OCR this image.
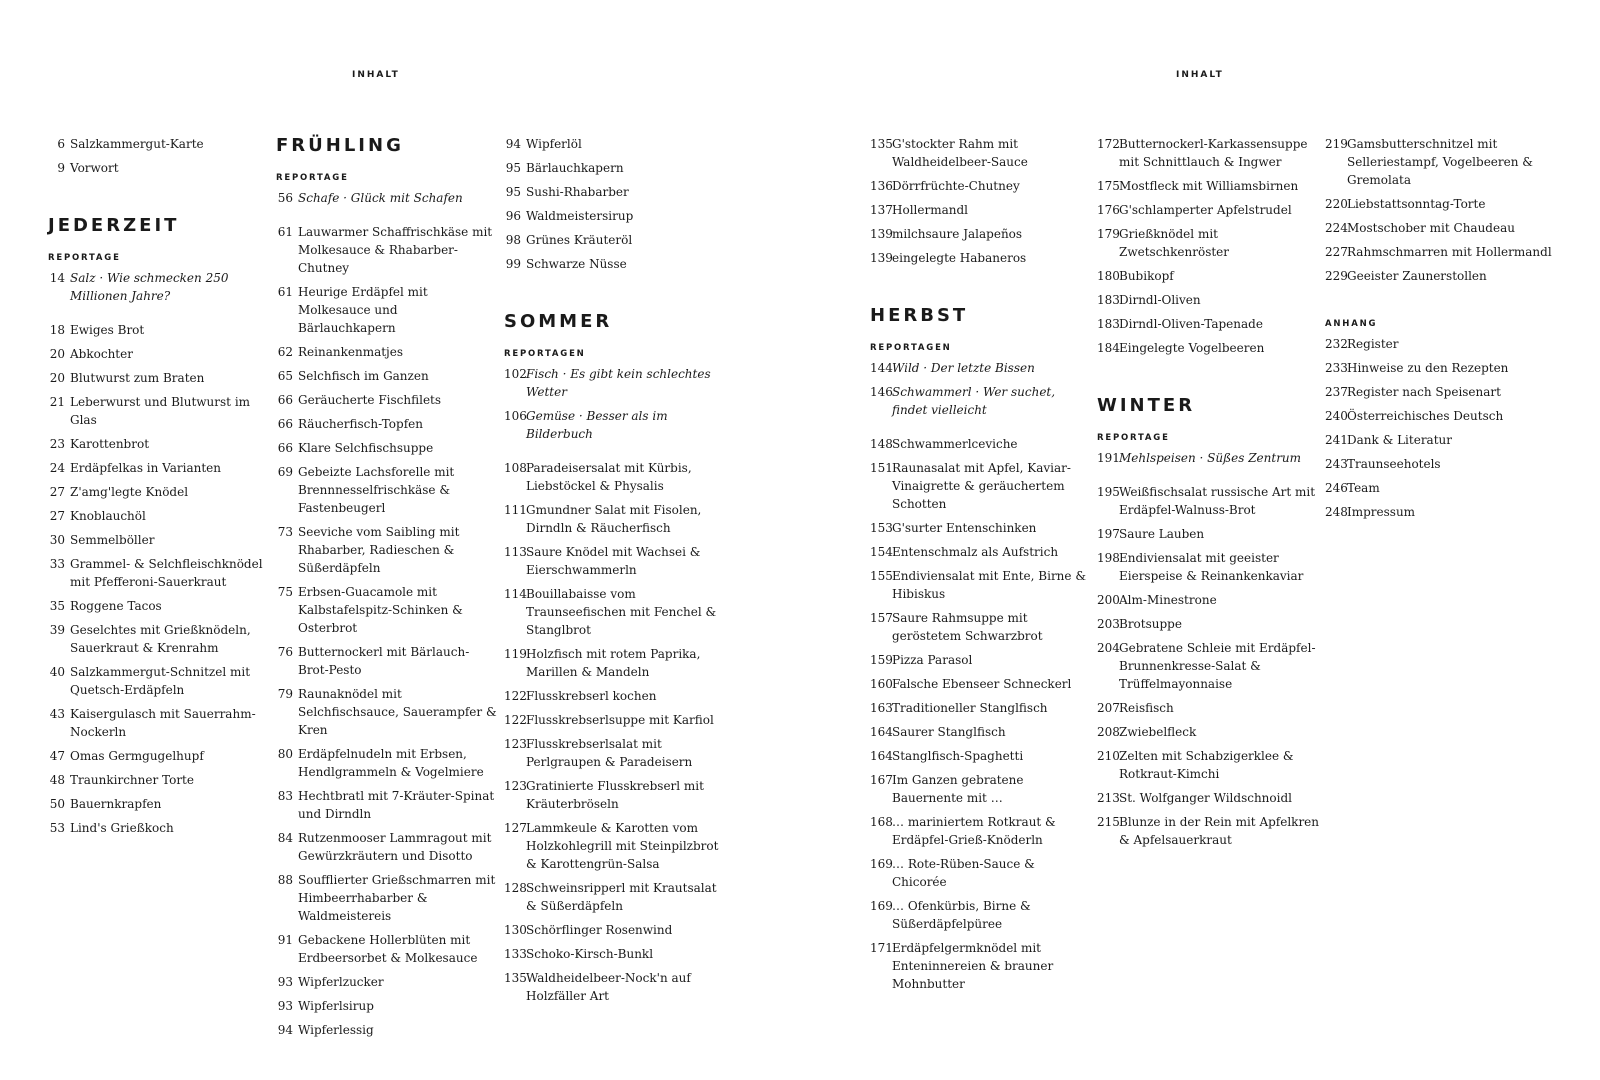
INHALT	INHALT
6 Salzkammergut-Karte
9 Vorwort
JEDERZEIT
REPORTAGE
14 Salz · Wie schmecken 250 Millionen Jahre?
18 Ewiges Brot
20 Abkochter
20 Blutwurst zum Braten
21 Leberwurst und Blutwurst im Glas
23 Karottenbrot
24 Erdäpfelkas in Varianten
27 Z'amg'legte Knödel
27 Knoblauchöl
30 Semmelböller
33 Grammel- & Selchfleischknödel mit Pfefferoni-Sauerkraut
35 Roggene Tacos
39 Geselchtes mit Grießknödeln, Sauerkraut & Krenrahm
40 Salzkammergut-Schnitzel mit Quetsch-Erdäpfeln
43 Kaisergulasch mit Sauerrahm-Nockerln
47 Omas Germgugelhupf
48 Traunkirchner Torte
50 Bauernkrapfen
53 Lind's Grießkoch
FRÜHLING
REPORTAGE
56 Schafe · Glück mit Schafen
61 Lauwarmer Schaffrischkäse mit Molkesauce & Rhabarber-Chutney
61 Heurige Erdäpfel mit Molkesauce und Bärlauchkapern
62 Reinankenmatjes
65 Selchfisch im Ganzen
66 Geräucherte Fischfilets
66 Räucherfisch-Topfen
66 Klare Selchfischsuppe
69 Gebeizte Lachsforelle mit Brennnesselfrischkäse & Fastenbeugerl
73 Seeviche vom Saibling mit Rhabarber, Radieschen & Süßerdäpfeln
75 Erbsen-Guacamole mit Kalbstafelspitz-Schinken & Osterbrot
76 Butternockerl mit Bärlauch-Brot-Pesto
79 Raunaknödel mit Selchfischsauce, Sauerampfer & Kren
80 Erdäpfelnudeln mit Erbsen, Hendlgrammeln & Vogelmiere
83 Hechtbratl mit 7-Kräuter-Spinat und Dirndln
84 Rutzenmooser Lammragout mit Gewürzkräutern und Disotto
88 Soufflierter Grießschmarren mit Himbeerrhabarber & Waldmeistereis
91 Gebackene Hollerblüten mit Erdbeersorbet & Molkesauce
93 Wipferlzucker
93 Wipferlsirup
94 Wipferlessig
94 Wipferlöl
95 Bärlauchkapern
95 Sushi-Rhabarber
96 Waldmeistersirup
98 Grünes Kräuteröl
99 Schwarze Nüsse
SOMMER
REPORTAGEN
102 Fisch · Es gibt kein schlechtes Wetter
106 Gemüse · Besser als im Bilderbuch
108 Paradeisersalat mit Kürbis, Liebstöckel & Physalis
111 Gmundner Salat mit Fisolen, Dirndln & Räucherfisch
113 Saure Knödel mit Wachsei & Eierschwammerln
114 Bouillabaisse vom Traunseefischen mit Fenchel & Stanglbrot
119 Holzfisch mit rotem Paprika, Marillen & Mandeln
122 Flusskrebserl kochen
122 Flusskrebserlsuppe mit Karfiol
123 Flusskrebserlsalat mit Perlgraupen & Paradeisern
123 Gratinierte Flusskrebserl mit Kräuterbröseln
127 Lammkeule & Karotten vom Holzkohlegrill mit Steinpilzbrot & Karottengrün-Salsa
128 Schweinsripperl mit Krautsalat & Süßerdäpfeln
130 Schörflinger Rosenwind
133 Schoko-Kirsch-Bunkl
135 Waldheidelbeer-Nock'n auf Holzfäller Art
135 G'stockter Rahm mit Waldheidelbeer-Sauce
136 Dörrfrüchte-Chutney
137 Hollermandl
139 milchsaure Jalapeños
139 eingelegte Habaneros
HERBST
REPORTAGEN
144 Wild · Der letzte Bissen
146 Schwammerl · Wer suchet, findet vielleicht
148 Schwammerlceviche
151 Raunasalat mit Apfel, Kaviar-Vinaigrette & geräuchertem Schotten
153 G'surter Entenschinken
154 Entenschmalz als Aufstrich
155 Endiviensalat mit Ente, Birne & Hibiskus
157 Saure Rahmsuppe mit geröstetem Schwarzbrot
159 Pizza Parasol
160 Falsche Ebenseer Schneckerl
163 Traditioneller Stanglfisch
164 Saurer Stanglfisch
164 Stanglfisch-Spaghetti
167 Im Ganzen gebratene Bauernente mit …
168 … mariniertem Rotkraut & Erdäpfel-Grieß-Knöderln
169 … Rote-Rüben-Sauce & Chicorée
169 … Ofenkürbis, Birne & Süßerdäpfelpüree
171 Erdäpfelgermknödel mit Enteninnereien & brauner Mohnbutter
172 Butternockerl-Karkassensuppe mit Schnittlauch & Ingwer
175 Mostfleck mit Williamsbirnen
176 G'schlamperter Apfelstrudel
179 Grießknödel mit Zwetschkenröster
180 Bubikopf
183 Dirndl-Oliven
183 Dirndl-Oliven-Tapenade
184 Eingelegte Vogelbeeren
WINTER
REPORTAGE
191 Mehlspeisen · Süßes Zentrum
195 Weißfischsalat russische Art mit Erdäpfel-Walnuss-Brot
197 Saure Lauben
198 Endiviensalat mit geeister Eierspeise & Reinankenkaviar
200 Alm-Minestrone
203 Brotsuppe
204 Gebratene Schleie mit Erdäpfel-Brunnenkresse-Salat & Trüffelmayonnaise
207 Reisfisch
208 Zwiebelfleck
210 Zelten mit Schabzigerklee & Rotkraut-Kimchi
213 St. Wolfganger Wildschnoidl
215 Blunze in der Rein mit Apfelkren & Apfelsauerkraut
219 Gamsbutterschnitzel mit Selleriestampf, Vogelbeeren & Gremolata
220 Liebstattsonntag-Torte
224 Mostschober mit Chaudeau
227 Rahmschmarren mit Hollermandl
229 Geeister Zaunerstollen
ANHANG
232 Register
233 Hinweise zu den Rezepten
237 Register nach Speisenart
240 Österreichisches Deutsch
241 Dank & Literatur
243 Traunseehotels
246 Team
248 Impressum
